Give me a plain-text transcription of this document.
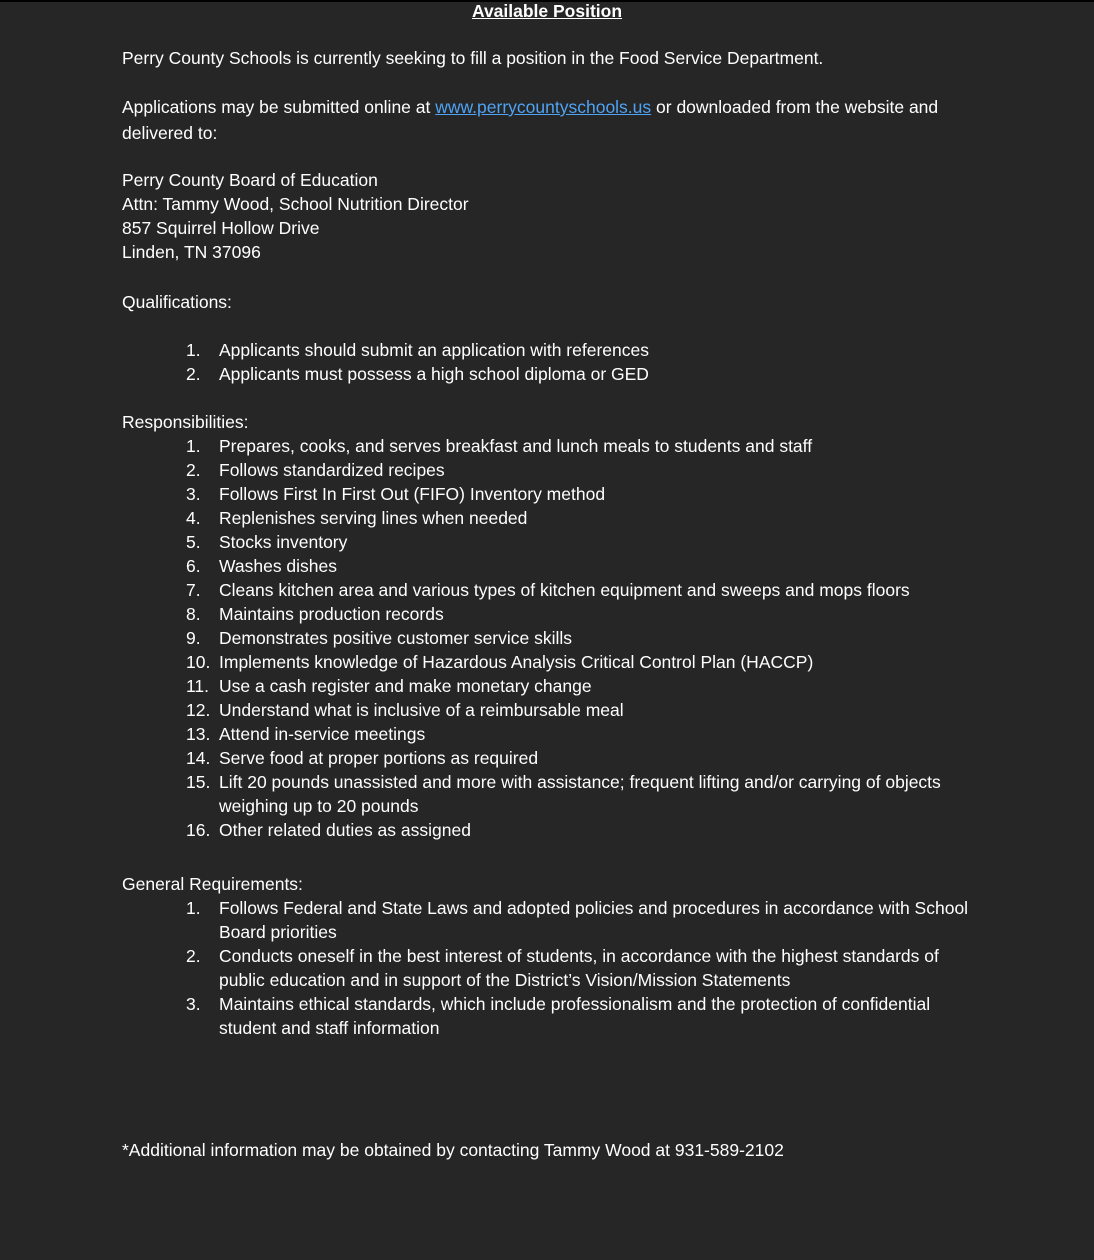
Available Position

Perry County Schools is currently seeking to fill a position in the Food Service Department.

Applications may be submitted online at www.perrycountyschools.us or downloaded from the website and delivered to:

Perry County Board of Education
Attn: Tammy Wood, School Nutrition Director
857 Squirrel Hollow Drive
Linden, TN 37096
Qualifications:
1.	Applicants should submit an application with references
2.	Applicants must possess a high school diploma or GED
Responsibilities:
1.	Prepares, cooks, and serves breakfast and lunch meals to students and staff
2.	Follows standardized recipes
3.	Follows First In First Out (FIFO) Inventory method
4.	Replenishes serving lines when needed
5.	Stocks inventory
6.	Washes dishes
7.	Cleans kitchen area and various types of kitchen equipment and sweeps and mops floors
8.	Maintains production records
9.	Demonstrates positive customer service skills
10. Implements knowledge of Hazardous Analysis Critical Control Plan (HACCP)
11. Use a cash register and make monetary change
12. Understand what is inclusive of a reimbursable meal
13. Attend in-service meetings
14. Serve food at proper portions as required
15. Lift 20 pounds unassisted and more with assistance; frequent lifting and/or carrying of objects weighing up to 20 pounds
16. Other related duties as assigned
General Requirements:
1.	Follows Federal and State Laws and adopted policies and procedures in accordance with School Board priorities
2.	Conducts oneself in the best interest of students, in accordance with the highest standards of public education and in support of the District’s Vision/Mission Statements
3.	Maintains ethical standards, which include professionalism and the protection of confidential student and staff information
*Additional information may be obtained by contacting Tammy Wood at 931-589-2102
